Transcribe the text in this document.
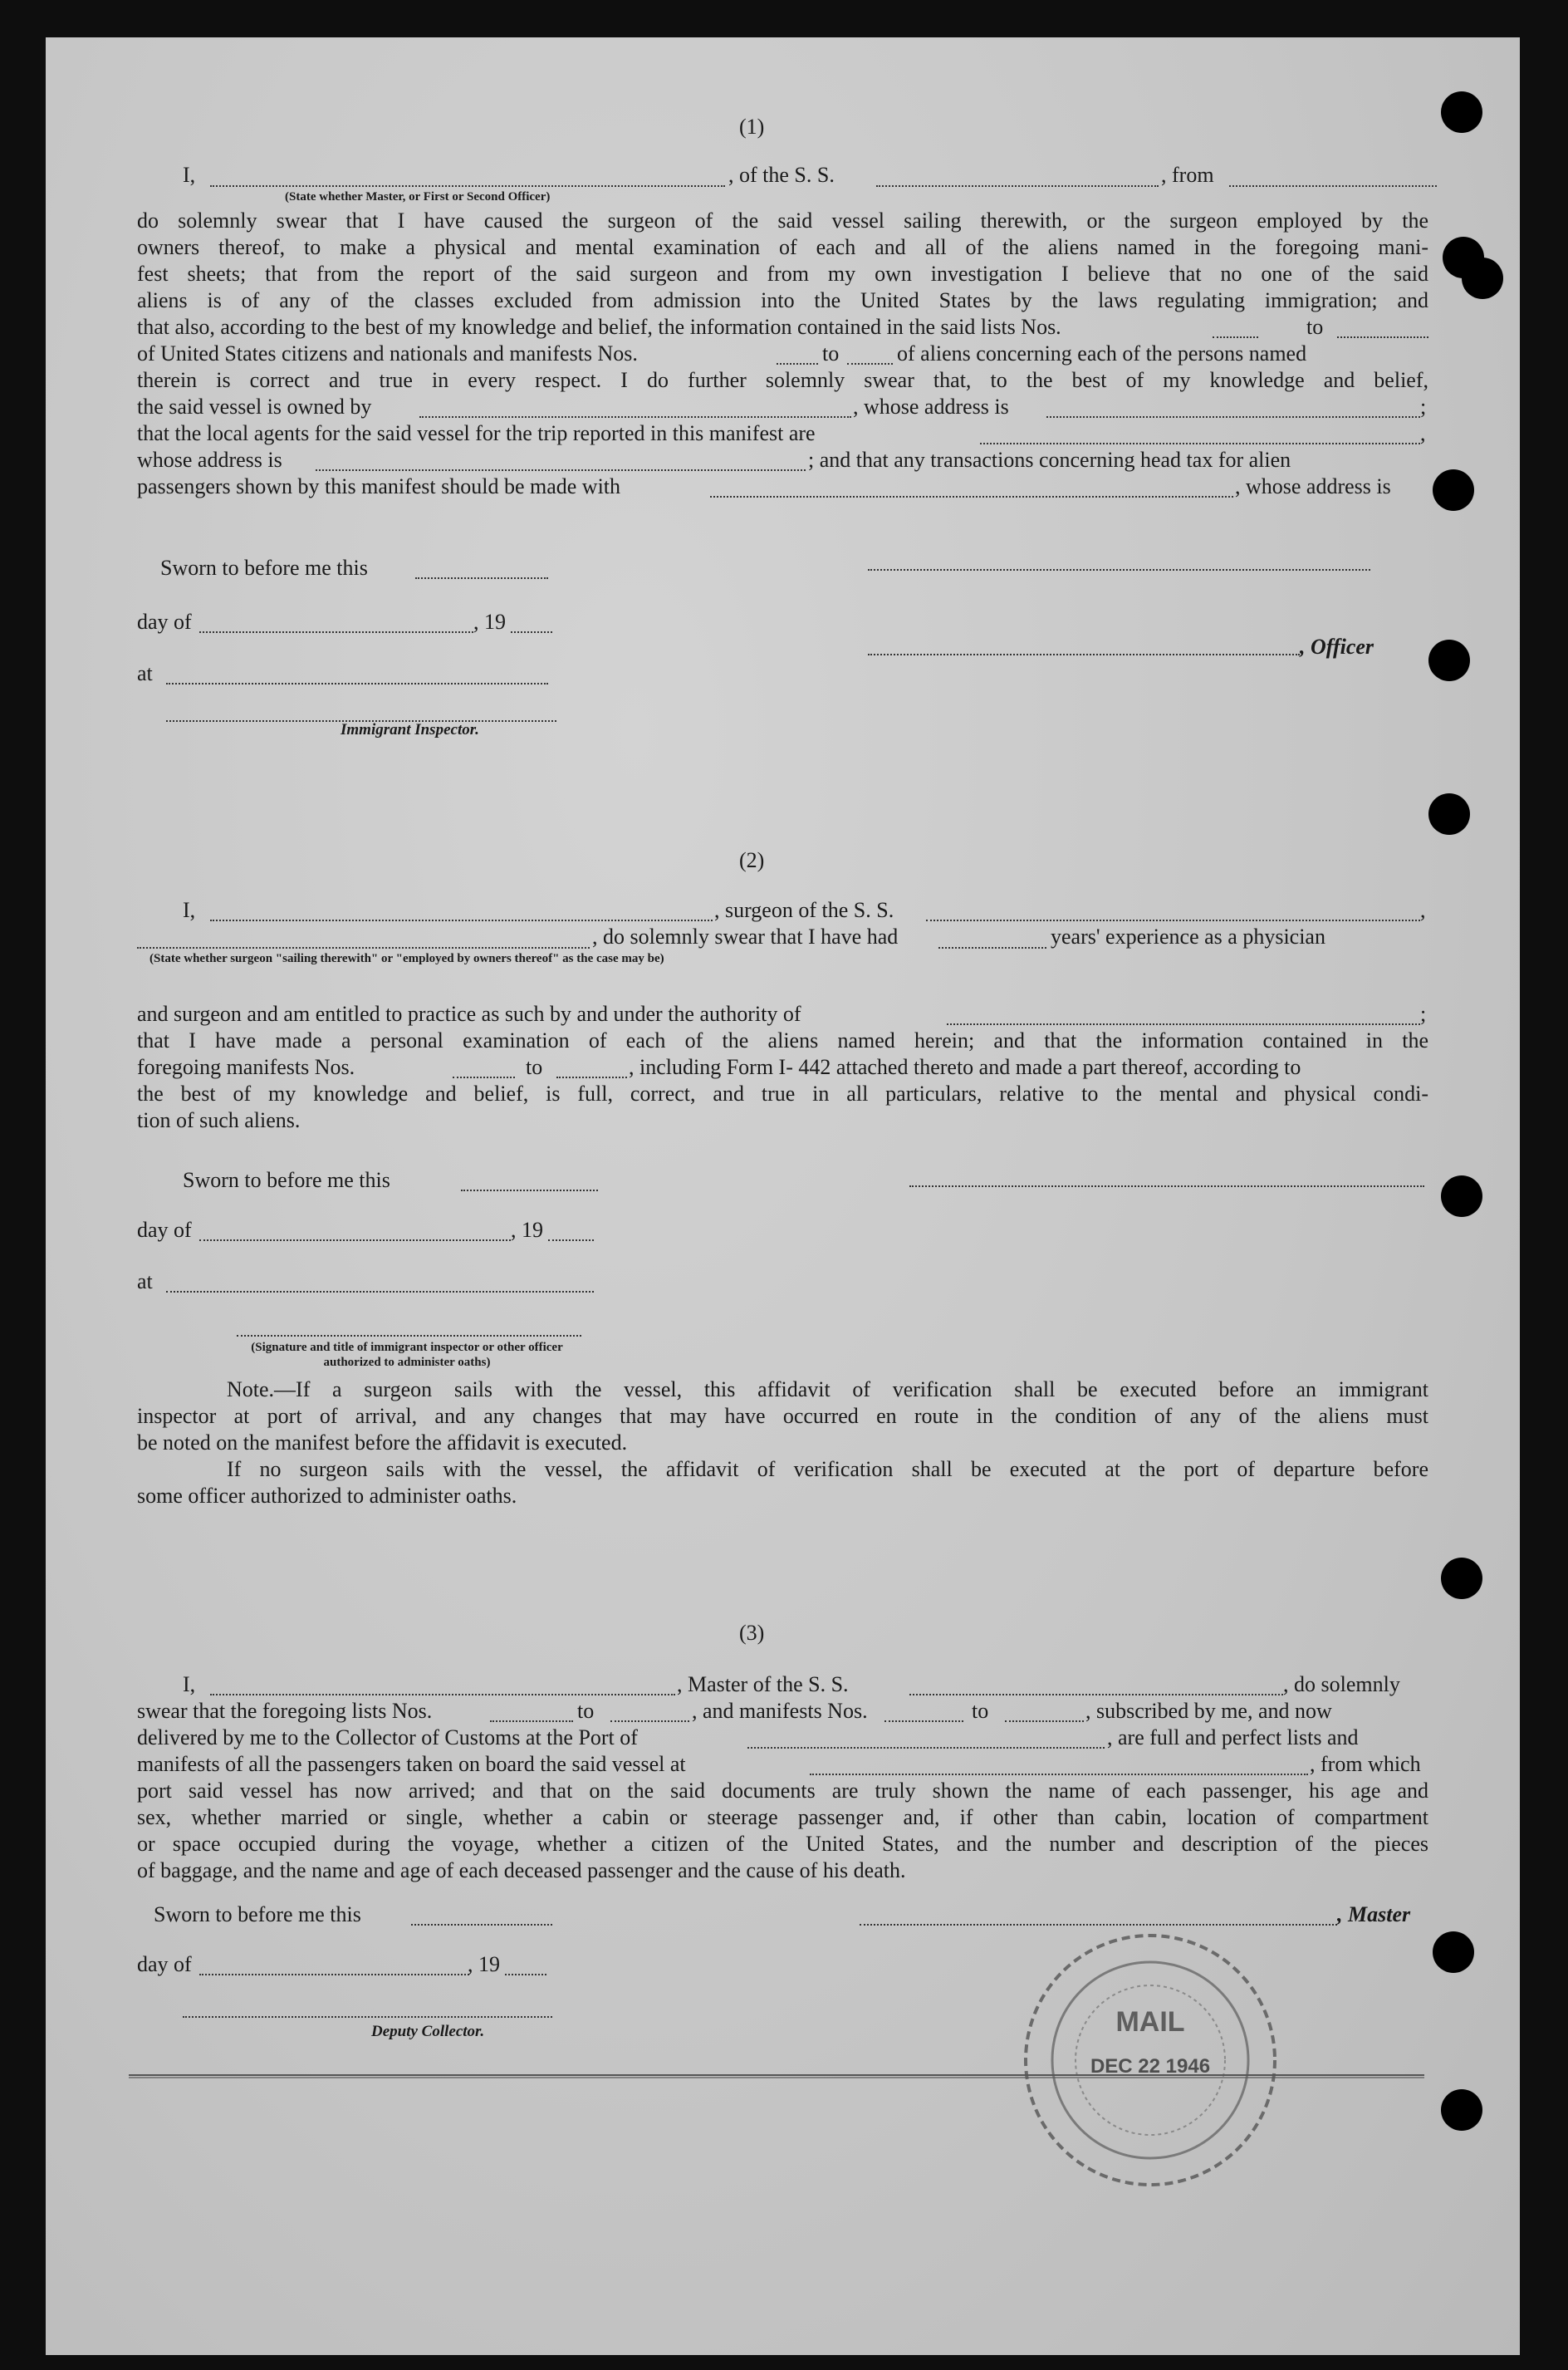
(1)
I,	, of the S. S.	, from
(State whether Master, or First or Second Officer)
do solemnly swear that I have caused the surgeon of the said vessel sailing therewith, or the surgeon employed by the
owners thereof, to make a physical and mental examination of each and all of the aliens named in the foregoing mani-
fest sheets; that from the report of the said surgeon and from my own investigation I believe that no one of the said
aliens is of any of the classes excluded from admission into the United States by the laws regulating immigration; and
that also, according to the best of my knowledge and belief, the information contained in the said lists Nos.	to
of United States citizens and nationals and manifests Nos.	to	of aliens concerning each of the persons named
therein is correct and true in every respect. I do further solemnly swear that, to the best of my knowledge and belief,
the said vessel is owned by	, whose address is	;
that the local agents for the said vessel for the trip reported in this manifest are	,
whose address is	; and that any transactions concerning head tax for alien
passengers shown by this manifest should be made with	, whose address is
Sworn to before me this
day of	, 19
, Officer
at
Immigrant Inspector.
(2)
I,	, surgeon of the S. S.	,
, do solemnly swear that I have had	years' experience as a physician
(State whether surgeon "sailing therewith" or "employed by owners thereof" as the case may be)
and surgeon and am entitled to practice as such by and under the authority of	;
that I have made a personal examination of each of the aliens named herein; and that the information contained in the
foregoing manifests Nos.	to	, including Form I- 442 attached thereto and made a part thereof, according to
the best of my knowledge and belief, is full, correct, and true in all particulars, relative to the mental and physical condi-
tion of such aliens.
Sworn to before me this
day of	, 19
at
(Signature and title of immigrant inspector or other officer authorized to administer oaths)
Note.—If a surgeon sails with the vessel, this affidavit of verification shall be executed before an immigrant
inspector at port of arrival, and any changes that may have occurred en route in the condition of any of the aliens must
be noted on the manifest before the affidavit is executed.
If no surgeon sails with the vessel, the affidavit of verification shall be executed at the port of departure before
some officer authorized to administer oaths.
(3)
I,	, Master of the S. S.	, do solemnly
swear that the foregoing lists Nos.	to	, and manifests Nos.	to	, subscribed by me, and now
delivered by me to the Collector of Customs at the Port of	, are full and perfect lists and
manifests of all the passengers taken on board the said vessel at	, from which
port said vessel has now arrived; and that on the said documents are truly shown the name of each passenger, his age and
sex, whether married or single, whether a cabin or steerage passenger and, if other than cabin, location of compartment
or space occupied during the voyage, whether a citizen of the United States, and the number and description of the pieces
of baggage, and the name and age of each deceased passenger and the cause of his death.
Sworn to before me this	, Master
day of	, 19
Deputy Collector.	MAIL
DEC 22 1946
